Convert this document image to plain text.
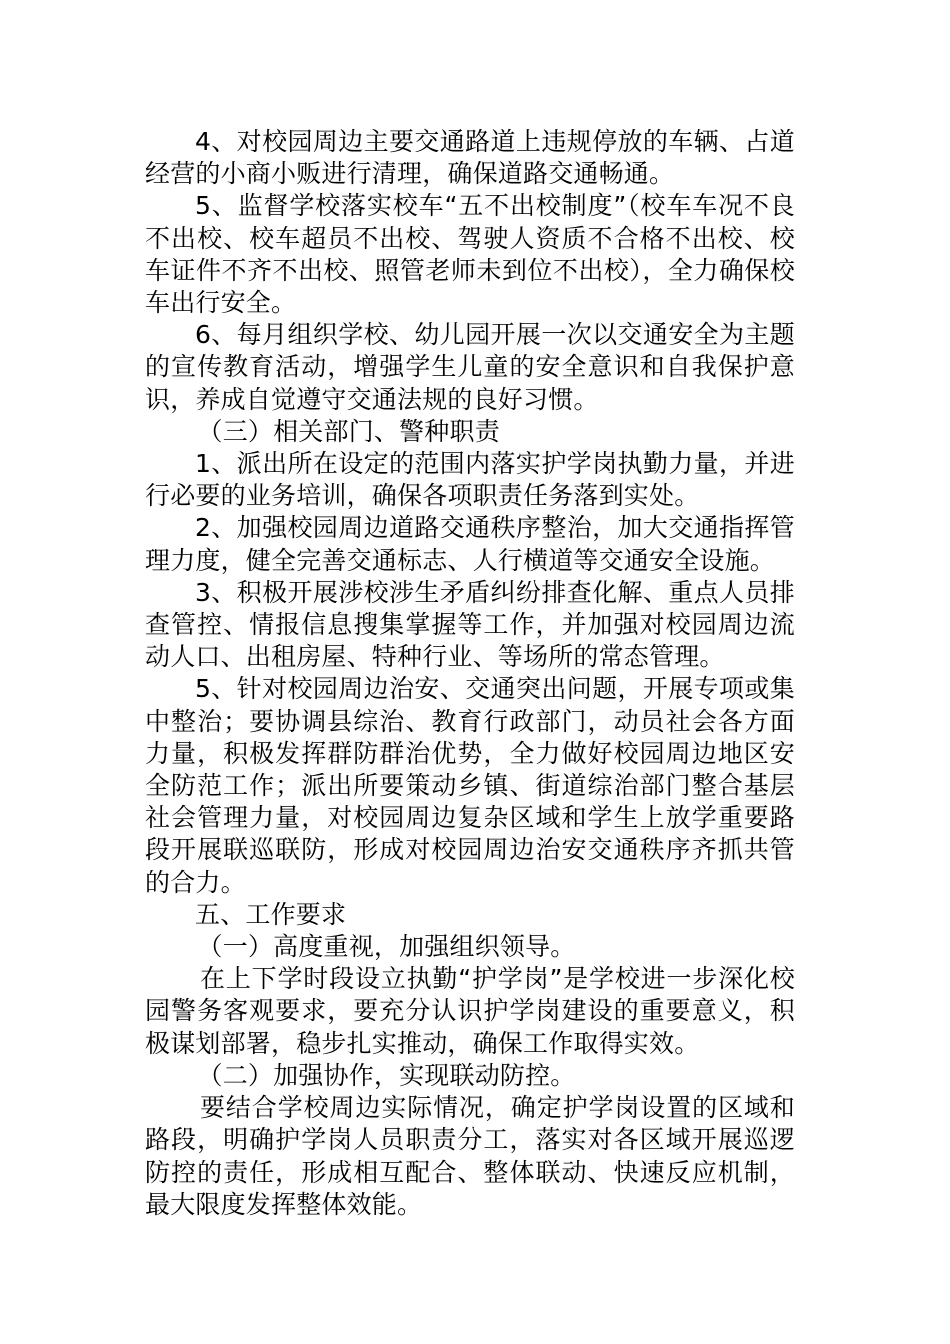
4、对校园周边主要交通路道上违规停放的车辆、占道经营的小商小贩进行清理，确保道路交通畅通。

5、监督学校落实校车“五不出校制度”（校车车况不良不出校、校车超员不出校、驾驶人资质不合格不出校、校车证件不齐不出校、照管老师未到位不出校），全力确保校车出行安全。

6、每月组织学校、幼儿园开展一次以交通安全为主题的宣传教育活动，增强学生儿童的安全意识和自我保护意识，养成自觉遵守交通法规的良好习惯。

（三）相关部门、警种职责

1、派出所在设定的范围内落实护学岗执勤力量，并进行必要的业务培训，确保各项职责任务落到实处。

2、加强校园周边道路交通秩序整治，加大交通指挥管理力度，健全完善交通标志、人行横道等交通安全设施。

3、积极开展涉校涉生矛盾纠纷排查化解、重点人员排查管控、情报信息搜集掌握等工作，并加强对校园周边流动人口、出租房屋、特种行业、等场所的常态管理。

5、针对校园周边治安、交通突出问题，开展专项或集中整治；要协调县综治、教育行政部门，动员社会各方面力量，积极发挥群防群治优势，全力做好校园周边地区安全防范工作；派出所要策动乡镇、街道综治部门整合基层社会管理力量，对校园周边复杂区域和学生上放学重要路段开展联巡联防，形成对校园周边治安交通秩序齐抓共管的合力。

五、工作要求

（一）高度重视，加强组织领导。

在上下学时段设立执勤“护学岗”是学校进一步深化校园警务客观要求，要充分认识护学岗建设的重要意义，积极谋划部署，稳步扎实推动，确保工作取得实效。

（二）加强协作，实现联动防控。

要结合学校周边实际情况，确定护学岗设置的区域和路段，明确护学岗人员职责分工，落实对各区域开展巡逻防控的责任，形成相互配合、整体联动、快速反应机制，最大限度发挥整体效能。
